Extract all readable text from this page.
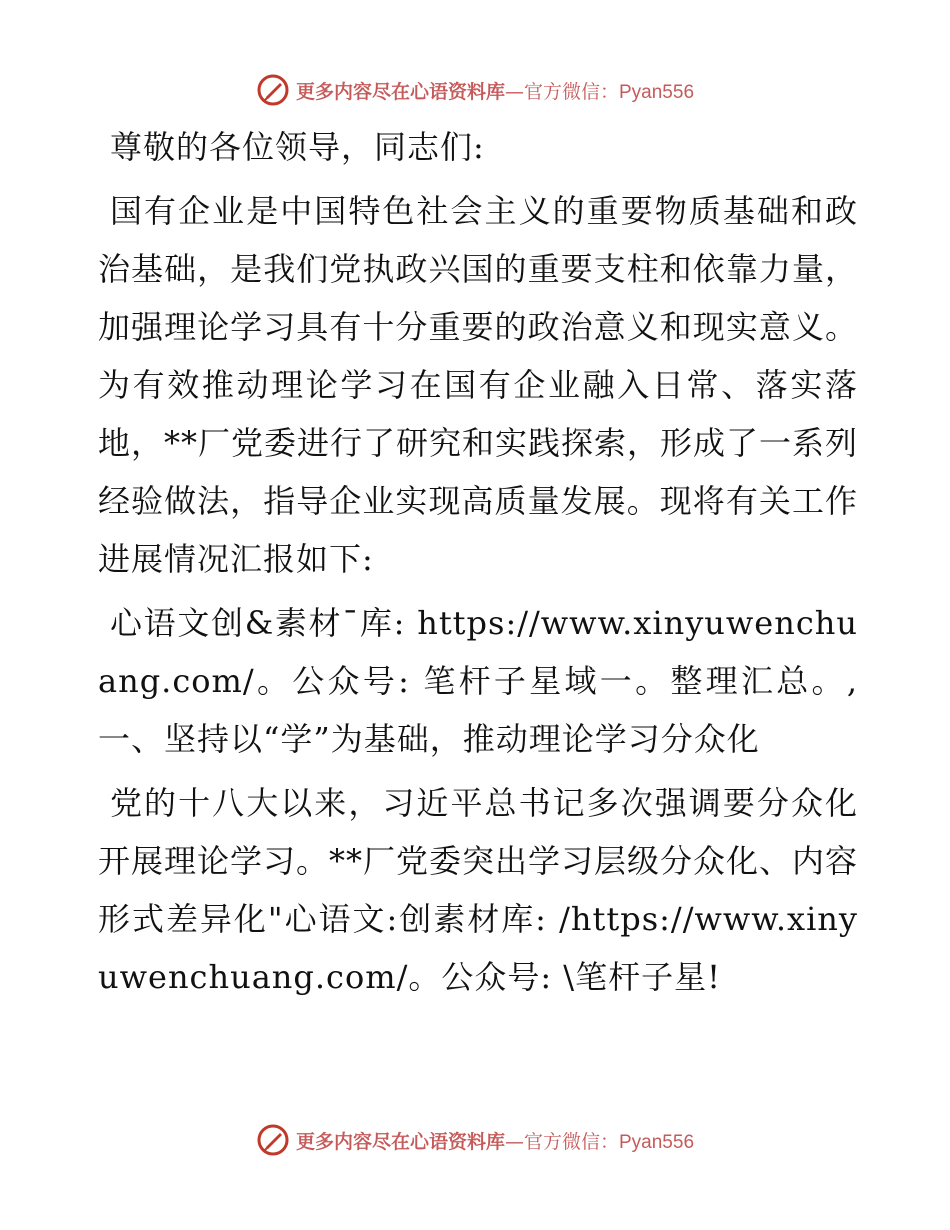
更多内容尽在心语资料库—官方微信：Pyan556

尊敬的各位领导，同志们:

国有企业是中国特色社会主义的重要物质基础和政治基础，是我们党执政兴国的重要支柱和依靠力量，加强理论学习具有十分重要的政治意义和现实意义。为有效推动理论学习在国有企业融入日常、落实落地，**厂党委进行了研究和实践探索，形成了一系列经验做法，指导企业实现高质量发展。现将有关工作进展情况汇报如下:

心语文创&素材¯库: https://www.xinyuwenchuang.com/。公众号: 笔杆子星域一。整理汇总。,一、坚持以“学”为基础，推动理论学习分众化

党的十八大以来，习近平总书记多次强调要分众化开展理论学习。**厂党委突出学习层级分众化、内容形式差异化"心语文:创素材库: /https://www.xinyuwenchuang.com/。公众号: \笔杆子星!

更多内容尽在心语资料库—官方微信：Pyan556
